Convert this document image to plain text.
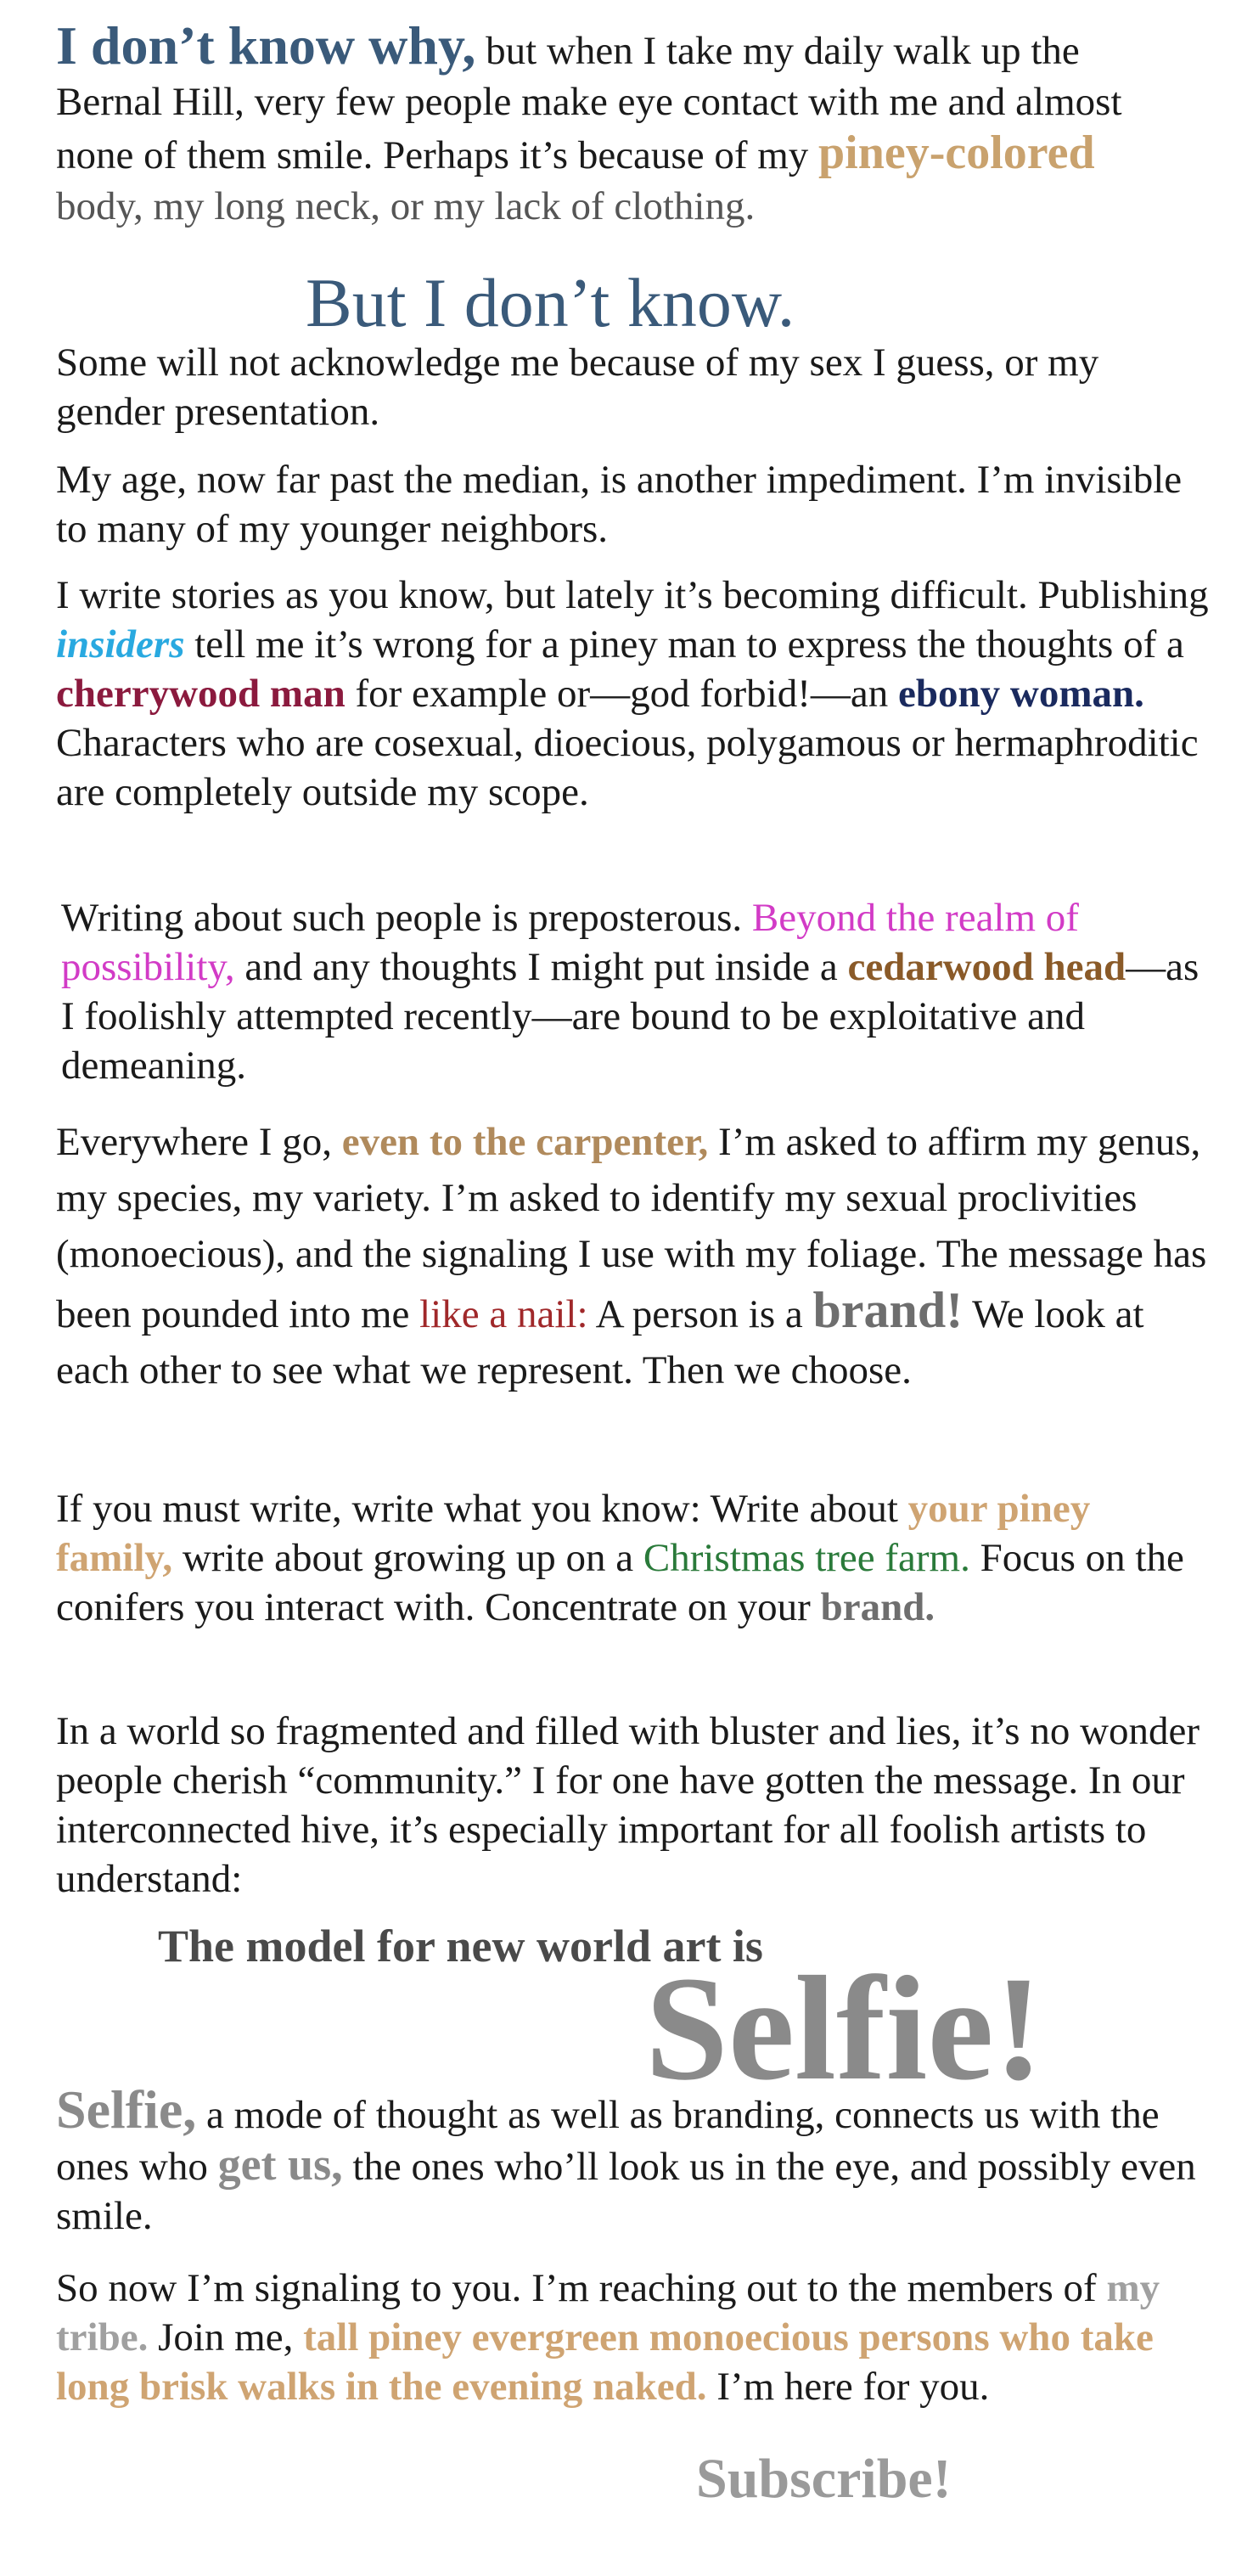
I don’t know why, but when I take my daily walk up the Bernal Hill, very few people make eye contact with me and almost none of them smile. Perhaps it’s because of my piney-colored body, my long neck, or my lack of clothing.

But I don’t know.

Some will not acknowledge me because of my sex I guess, or my gender presentation.

My age, now far past the median, is another impediment. I’m invisible to many of my younger neighbors.

I write stories as you know, but lately it’s becoming difficult. Publishing insiders tell me it’s wrong for a piney man to express the thoughts of a cherrywood man for example or—god forbid!—an ebony woman. Characters who are cosexual, dioecious, polygamous or hermaphroditic are completely outside my scope.

Writing about such people is preposterous. Beyond the realm of possibility, and any thoughts I might put inside a cedarwood head—as I foolishly attempted recently—are bound to be exploitative and demeaning.

Everywhere I go, even to the carpenter, I’m asked to affirm my genus, my species, my variety. I’m asked to identify my sexual proclivities (monoecious), and the signaling I use with my foliage. The message has been pounded into me like a nail: A person is a brand! We look at each other to see what we represent. Then we choose.

If you must write, write what you know: Write about your piney family, write about growing up on a Christmas tree farm. Focus on the conifers you interact with. Concentrate on your brand.

In a world so fragmented and filled with bluster and lies, it’s no wonder people cherish “community.” I for one have gotten the message. In our interconnected hive, it’s especially important for all foolish artists to understand:

The model for new world art is

Selfie!

Selfie, a mode of thought as well as branding, connects us with the ones who get us, the ones who’ll look us in the eye, and possibly even smile.

So now I’m signaling to you. I’m reaching out to the members of my tribe. Join me, tall piney evergreen monoecious persons who take long brisk walks in the evening naked. I’m here for you.

Subscribe!
